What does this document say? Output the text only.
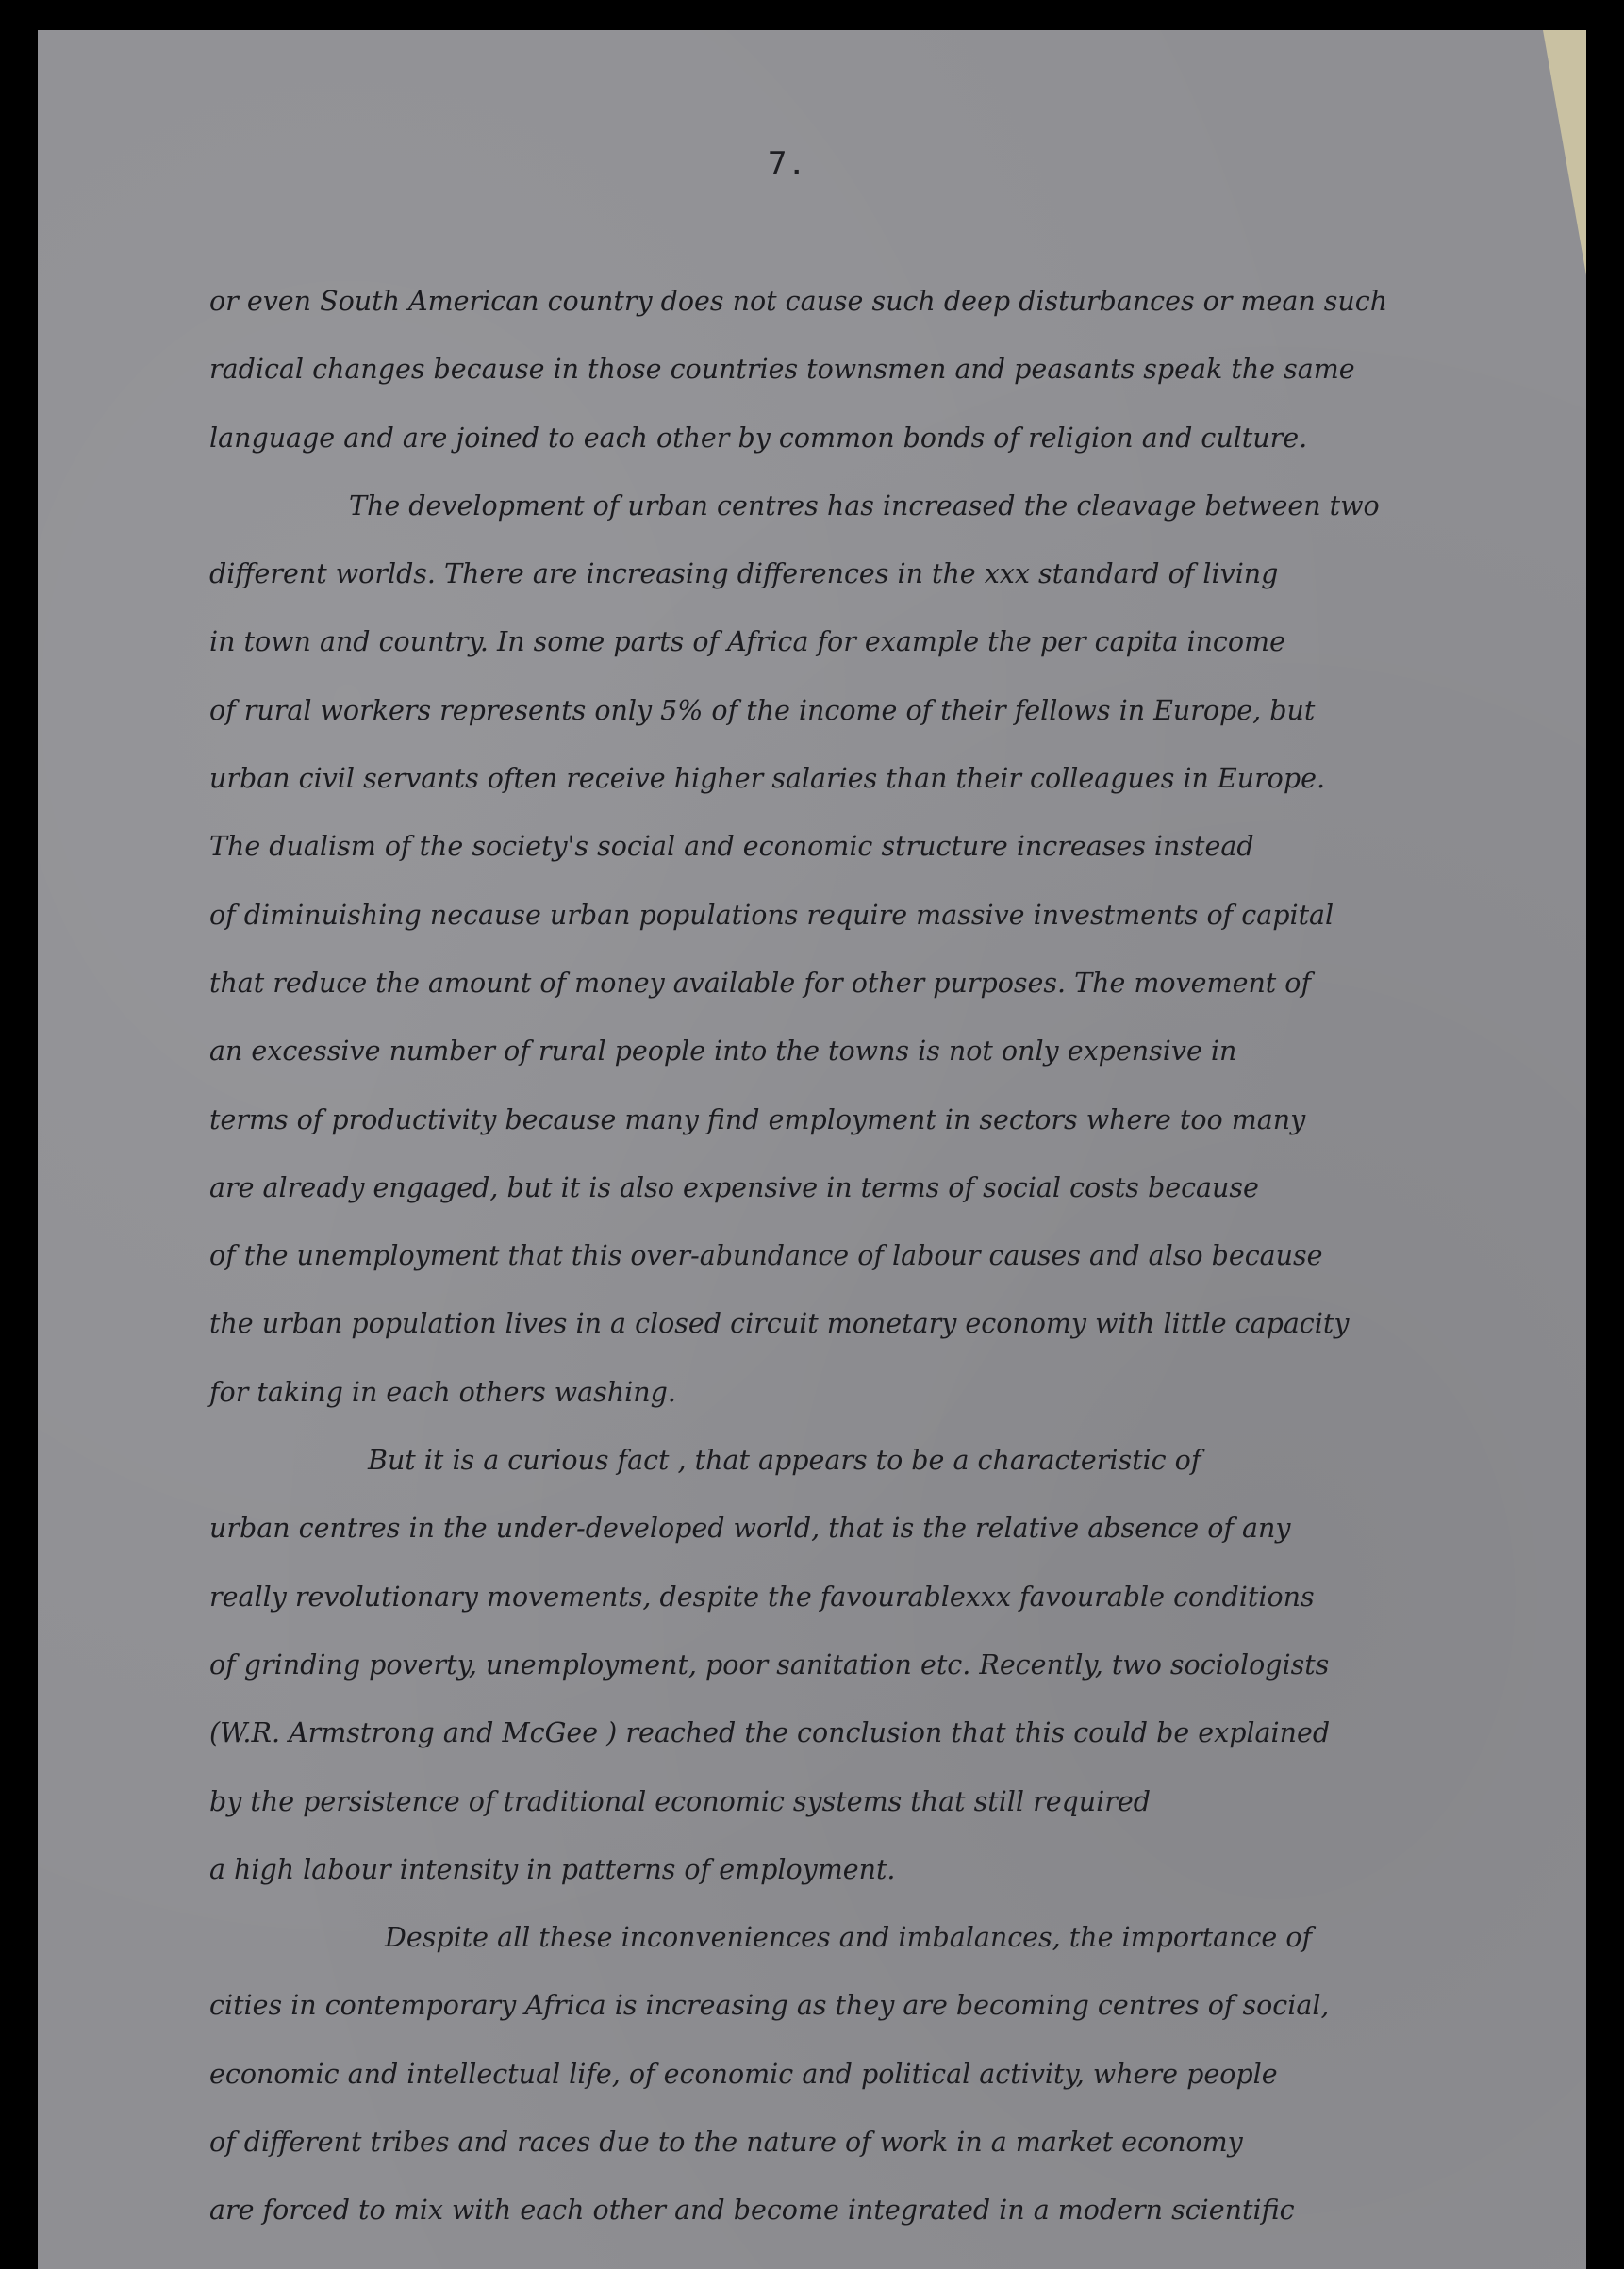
7.
or even South American country does not cause such deep disturbances or mean such
radical changes because in those countries townsmen and peasants speak the same
language and are joined to each other by common bonds of religion and culture.
The development of urban centres has increased the cleavage between two
different worlds. There are increasing differences in the xxx standard of living
in town and country. In some parts of Africa for example the per capita income
of rural workers represents only 5% of the income of their fellows in Europe, but
urban civil servants often receive higher salaries than their colleagues in Europe.
The dualism of the society's social and economic structure increases instead
of diminuishing necause urban populations require massive investments of capital
that reduce the amount of money available for other purposes. The movement of
an excessive number of rural people into the towns is not only expensive in
terms of productivity because many find employment in sectors where too many
are already engaged, but it is also expensive in terms of social costs because
of the unemployment that this over-abundance of labour causes and also because
the urban population lives in a closed circuit monetary economy with little capacity
for taking in each others washing.
But it is a curious fact , that appears to be a characteristic of
urban centres in the under-developed world, that is the relative absence of any
really revolutionary movements, despite the favourablexxx favourable conditions
of grinding poverty, unemployment, poor sanitation etc. Recently, two sociologists
(W.R. Armstrong and McGee ) reached the conclusion that this could be explained
by the persistence of traditional economic systems that still required
a high labour intensity in patterns of employment.
Despite all these inconveniences and imbalances, the importance of
cities in contemporary Africa is increasing as they are becoming centres of social,
economic and intellectual life, of economic and political activity, where people
of different tribes and races due to the nature of work in a market economy
are forced to mix with each other and become integrated in a modern scientific
